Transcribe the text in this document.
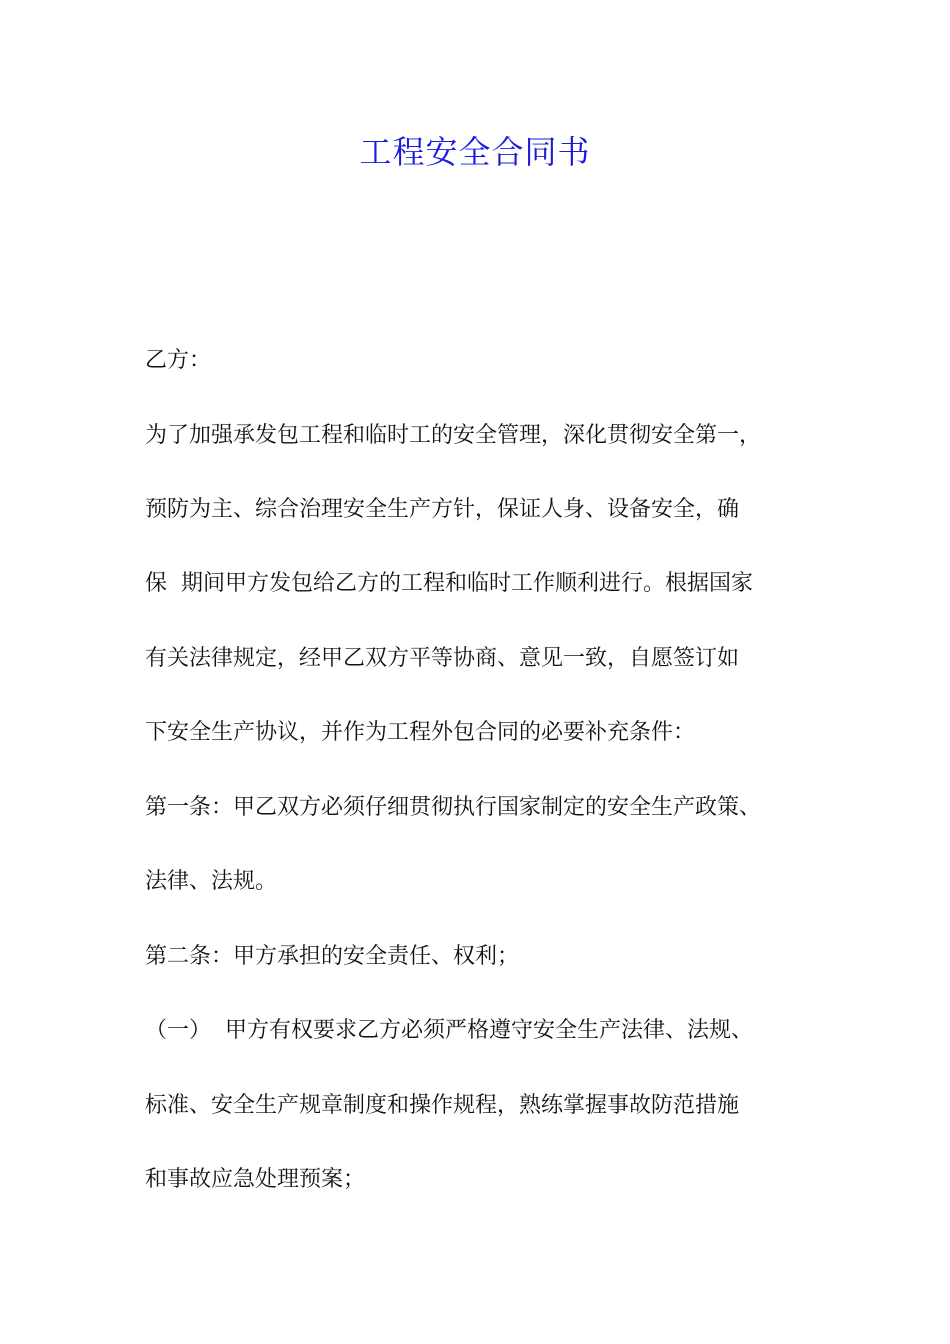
工程安全合同书

乙方：

为了加强承发包工程和临时工的安全管理，深化贯彻安全第一，

预防为主、综合治理安全生产方针，保证人身、设备安全，确

保  期间甲方发包给乙方的工程和临时工作顺利进行。根据国家

有关法律规定，经甲乙双方平等协商、意见一致，自愿签订如

下安全生产协议，并作为工程外包合同的必要补充条件：

第一条：甲乙双方必须仔细贯彻执行国家制定的安全生产政策、

法律、法规。

第二条：甲方承担的安全责任、权利；

（一）  甲方有权要求乙方必须严格遵守安全生产法律、法规、

标准、安全生产规章制度和操作规程，熟练掌握事故防范措施

和事故应急处理预案；
